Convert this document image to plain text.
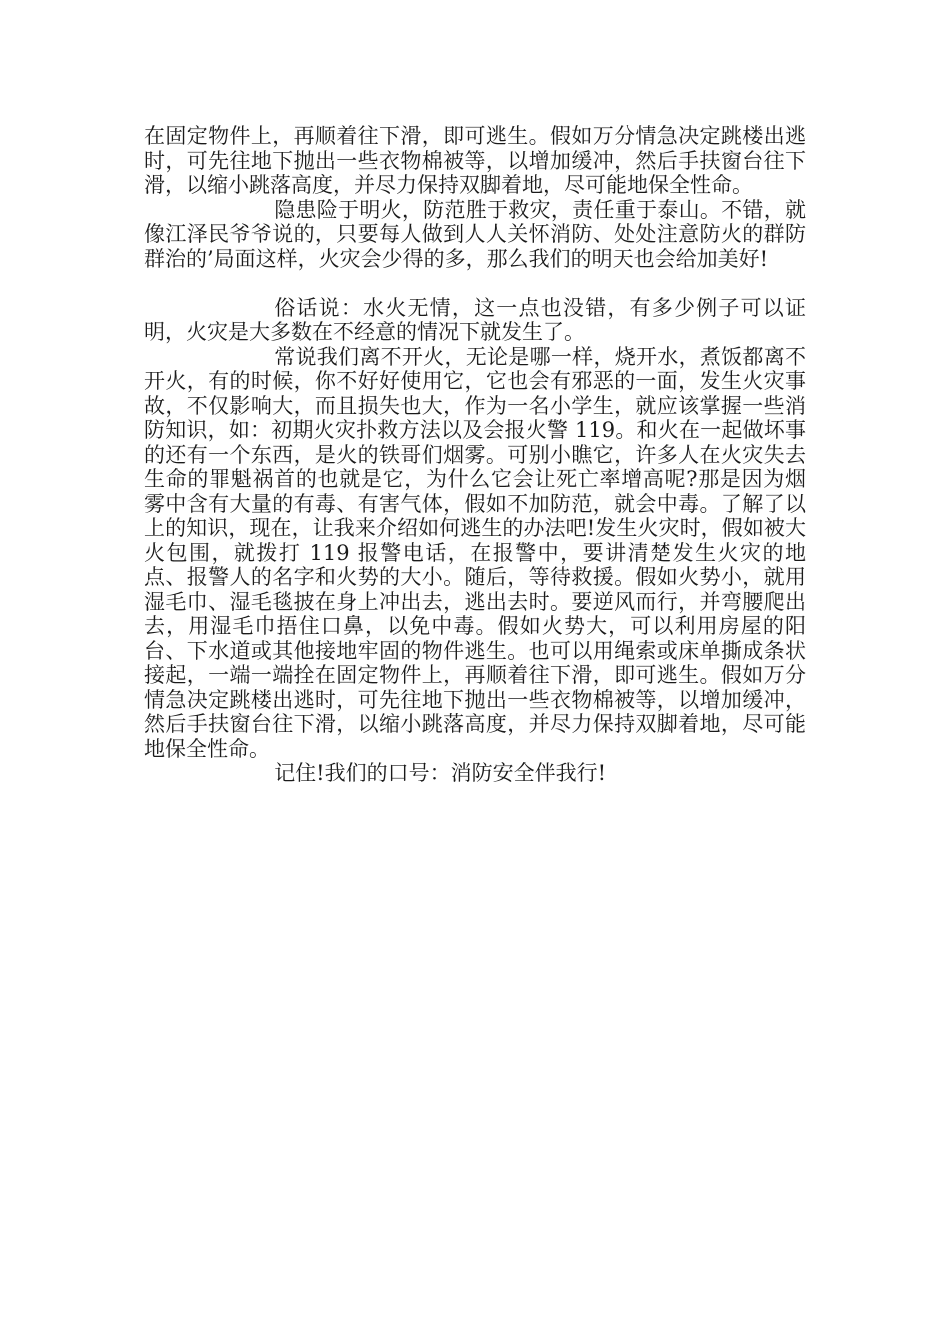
在固定物件上，再顺着往下滑，即可逃生。假如万分情急决定跳楼出逃时，可先往地下抛出一些衣物棉被等，以增加缓冲，然后手扶窗台往下滑，以缩小跳落高度，并尽力保持双脚着地，尽可能地保全性命。

隐患险于明火，防范胜于救灾，责任重于泰山。不错，就像江泽民爷爷说的，只要每人做到人人关怀消防、处处注意防火的群防群治的’局面这样，火灾会少得的多，那么我们的明天也会给加美好!

俗话说：水火无情，这一点也没错，有多少例子可以证明，火灾是大多数在不经意的情况下就发生了。

常说我们离不开火，无论是哪一样，烧开水，煮饭都离不开火，有的时候，你不好好使用它，它也会有邪恶的一面，发生火灾事故，不仅影响大，而且损失也大，作为一名小学生，就应该掌握一些消防知识，如：初期火灾扑救方法以及会报火警 119。和火在一起做坏事的还有一个东西，是火的铁哥们烟雾。可别小瞧它，许多人在火灾失去生命的罪魁祸首的也就是它，为什么它会让死亡率增高呢?那是因为烟雾中含有大量的有毒、有害气体，假如不加防范，就会中毒。了解了以上的知识，现在，让我来介绍如何逃生的办法吧!发生火灾时，假如被大火包围，就拨打 119 报警电话，在报警中，要讲清楚发生火灾的地点、报警人的名字和火势的大小。随后，等待救援。假如火势小，就用湿毛巾、湿毛毯披在身上冲出去，逃出去时。要逆风而行，并弯腰爬出去，用湿毛巾捂住口鼻，以免中毒。假如火势大，可以利用房屋的阳台、下水道或其他接地牢固的物件逃生。也可以用绳索或床单撕成条状接起，一端一端拴在固定物件上，再顺着往下滑，即可逃生。假如万分情急决定跳楼出逃时，可先往地下抛出一些衣物棉被等，以增加缓冲，然后手扶窗台往下滑，以缩小跳落高度，并尽力保持双脚着地，尽可能地保全性命。

记住!我们的口号：消防安全伴我行!
